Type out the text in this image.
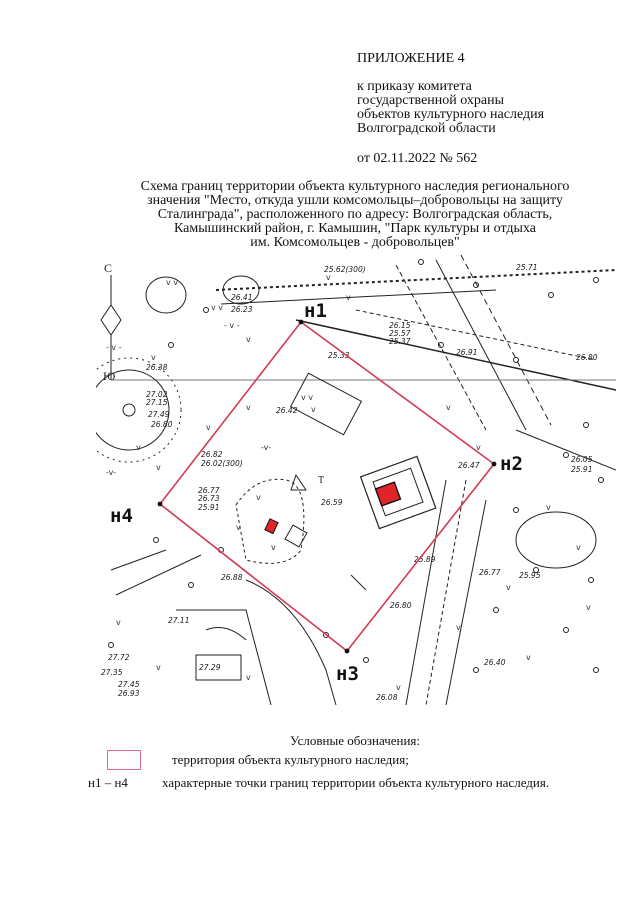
ПРИЛОЖЕНИЕ 4
к приказу комитета
государственной охраны
объектов культурного наследия
Волгоградской области
от 02.11.2022 № 562
Схема границ территории объекта культурного наследия регионального
значения "Место, откуда ушли комсомольцы–добровольцы на защиту
Сталинграда", расположенного по адресу: Волгоградская область,
Камышинский район, г. Камышин, "Парк культуры и отдыха
им. Комсомольцев - добровольцев"
v v
- v -
v
v
v
v v
- v -
v
v
-v-
v
v
v
-v-
v
v
v
v
v
v
v
v
v
v
v
v
v v
v
v
v
v
26.41
26.23
25.62(300)
26.15
25.57
25.37
25.33
26.42
26.38
27.02
27.15
27.49
26.80
26.59
26.47
26.82
26.02(300)
26.77
26.73
25.91
26.88
27.11
27.72
27.35
27.29
27.45
26.93
26.80
26.40
26.08
26.77 25.95
25.91
26.05
25.89
25.71
26.91
26.80
С
Ю
Т
н1
н2
н3
н4
Условные обозначения:
территория объекта культурного наследия;
н1 – н4	характерные точки границ территории объекта культурного наследия.
